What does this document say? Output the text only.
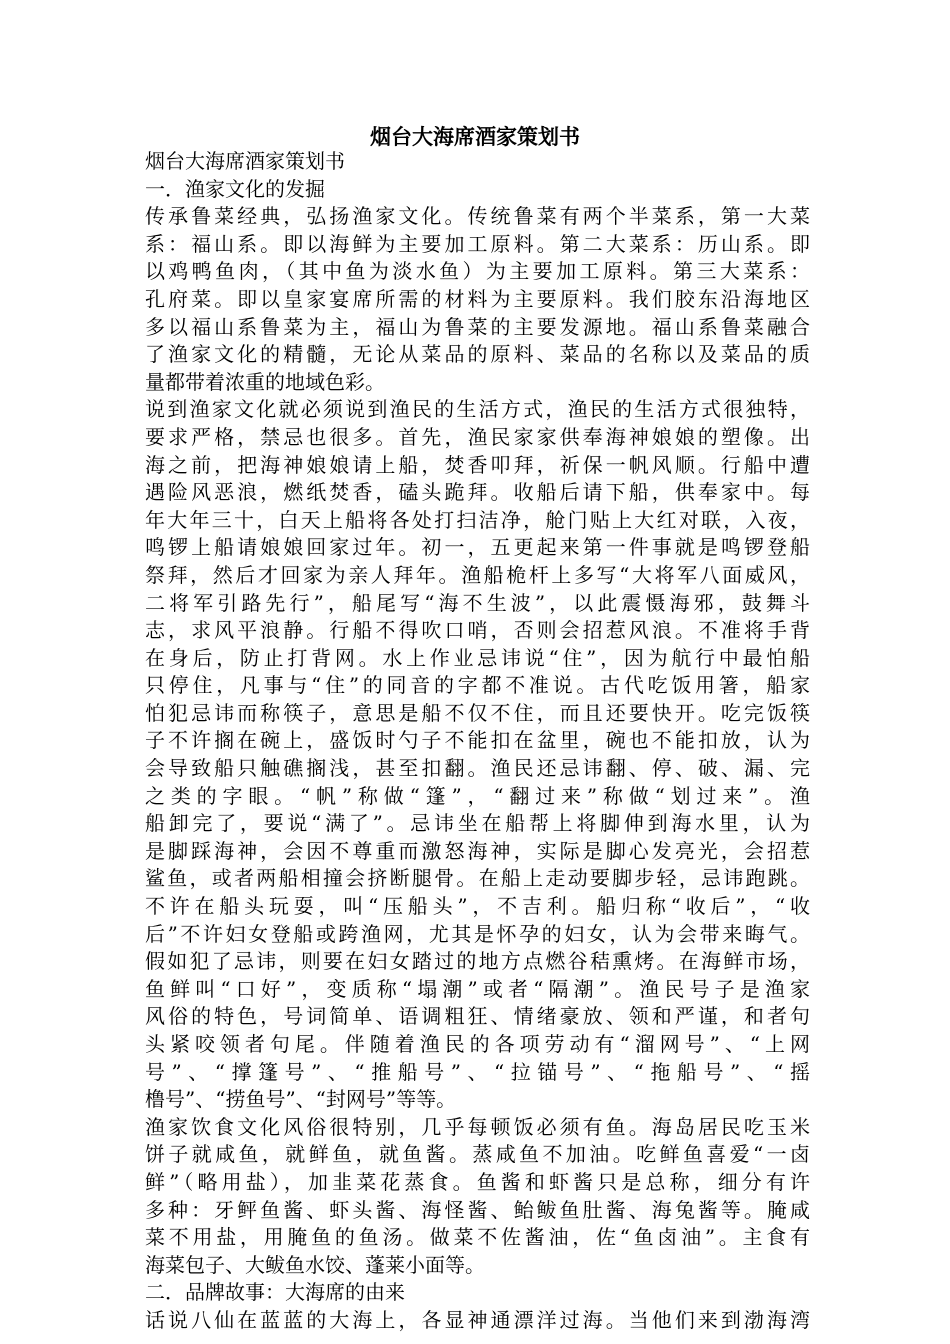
烟台大海席酒家策划书
烟台大海席酒家策划书
一．渔家文化的发掘
传承鲁菜经典，弘扬渔家文化。传统鲁菜有两个半菜系，第一大菜
系：福山系。即以海鲜为主要加工原料。第二大菜系：历山系。即
以鸡鸭鱼肉，（其中鱼为淡水鱼）为主要加工原料。第三大菜系：
孔府菜。即以皇家宴席所需的材料为主要原料。我们胶东沿海地区
多以福山系鲁菜为主，福山为鲁菜的主要发源地。福山系鲁菜融合
了渔家文化的精髓，无论从菜品的原料、菜品的名称以及菜品的质
量都带着浓重的地域色彩。
说到渔家文化就必须说到渔民的生活方式，渔民的生活方式很独特，
要求严格，禁忌也很多。首先，渔民家家供奉海神娘娘的塑像。出
海之前，把海神娘娘请上船，焚香叩拜，祈保一帆风顺。行船中遭
遇险风恶浪，燃纸焚香，磕头跪拜。收船后请下船，供奉家中。每
年大年三十，白天上船将各处打扫洁净，舱门贴上大红对联，入夜，
鸣锣上船请娘娘回家过年。初一，五更起来第一件事就是鸣锣登船
祭拜，然后才回家为亲人拜年。渔船桅杆上多写“大将军八面威风，
二将军引路先行”，船尾写“海不生波”，以此震慑海邪，鼓舞斗
志，求风平浪静。行船不得吹口哨，否则会招惹风浪。不准将手背
在身后，防止打背网。水上作业忌讳说“住”，因为航行中最怕船
只停住，凡事与“住”的同音的字都不准说。古代吃饭用箸，船家
怕犯忌讳而称筷子，意思是船不仅不住，而且还要快开。吃完饭筷
子不许搁在碗上，盛饭时勺子不能扣在盆里，碗也不能扣放，认为
会导致船只触礁搁浅，甚至扣翻。渔民还忌讳翻、停、破、漏、完
之类的字眼。“帆”称做“篷”，“翻过来”称做“划过来”。渔
船卸完了，要说“满了”。忌讳坐在船帮上将脚伸到海水里，认为
是脚踩海神，会因不尊重而激怒海神，实际是脚心发亮光，会招惹
鲨鱼，或者两船相撞会挤断腿骨。在船上走动要脚步轻，忌讳跑跳。
不许在船头玩耍，叫“压船头”，不吉利。船归称“收后”，“收
后”不许妇女登船或跨渔网，尤其是怀孕的妇女，认为会带来晦气。
假如犯了忌讳，则要在妇女踏过的地方点燃谷秸熏烤。在海鲜市场，
鱼鲜叫“口好”，变质称“塌潮”或者“隔潮”。渔民号子是渔家
风俗的特色，号词简单、语调粗狂、情绪豪放、领和严谨，和者句
头紧咬领者句尾。伴随着渔民的各项劳动有“溜网号”、“上网
号”、“撑篷号”、“推船号”、“拉锚号”、“拖船号”、“摇
橹号”、“捞鱼号”、“封网号”等等。
渔家饮食文化风俗很特别，几乎每顿饭必须有鱼。海岛居民吃玉米
饼子就咸鱼，就鲜鱼，就鱼酱。蒸咸鱼不加油。吃鲜鱼喜爱“一卤
鲜”（略用盐），加韭菜花蒸食。鱼酱和虾酱只是总称，细分有许
多种：牙鲆鱼酱、虾头酱、海怪酱、鲐鲅鱼肚酱、海兔酱等。腌咸
菜不用盐，用腌鱼的鱼汤。做菜不佐酱油，佐“鱼卤油”。主食有
海菜包子、大鲅鱼水饺、蓬莱小面等。
二．品牌故事：大海席的由来
话说八仙在蓝蓝的大海上，各显神通漂洋过海。当他们来到渤海湾
